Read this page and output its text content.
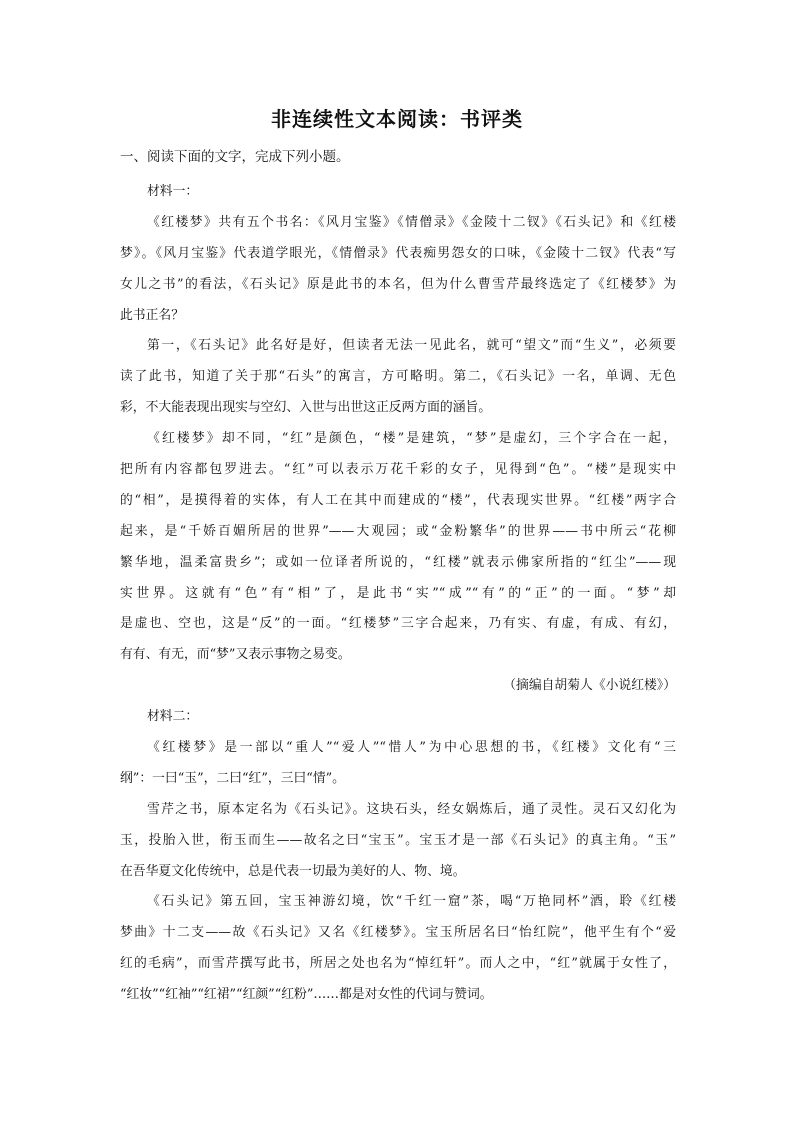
非连续性文本阅读：书评类
一、阅读下面的文字，完成下列小题。
材料一：
《红楼梦》共有五个书名：《风月宝鉴》《情僧录》《金陵十二钗》《石头记》和《红楼
梦》。《风月宝鉴》代表道学眼光，《情僧录》代表痴男怨女的口味，《金陵十二钗》代表“写
女儿之书”的看法，《石头记》原是此书的本名，但为什么曹雪芹最终选定了《红楼梦》为
此书正名？
第一，《石头记》此名好是好，但读者无法一见此名，就可“望文”而“生义”，必须要
读了此书，知道了关于那“石头”的寓言，方可略明。第二，《石头记》一名，单调、无色
彩，不大能表现出现实与空幻、入世与出世这正反两方面的涵旨。
《红楼梦》却不同，“红”是颜色，“楼”是建筑，“梦”是虚幻，三个字合在一起，
把所有内容都包罗进去。“红”可以表示万花千彩的女子，见得到“色”。“楼”是现实中
的“相”，是摸得着的实体，有人工在其中而建成的“楼”，代表现实世界。“红楼”两字合
起来，是“千娇百媚所居的世界”——大观园；或“金粉繁华”的世界——书中所云“花柳
繁华地，温柔富贵乡”；或如一位译者所说的，“红楼”就表示佛家所指的“红尘”——现
实世界。这就有“色”有“相”了，是此书“实”“成”“有”的“正”的一面。“梦”却
是虚也、空也，这是“反”的一面。“红楼梦”三字合起来，乃有实、有虚，有成、有幻，
有有、有无，而“梦”又表示事物之易变。
（摘编自胡菊人《小说红楼》）
材料二：
《红楼梦》是一部以“重人”“爱人”“惜人”为中心思想的书，《红楼》文化有“三
纲”：一曰“玉”，二曰“红”，三曰“情”。
雪芹之书，原本定名为《石头记》。这块石头，经女娲炼后，通了灵性。灵石又幻化为
玉，投胎入世，衔玉而生——故名之曰“宝玉”。宝玉才是一部《石头记》的真主角。“玉”
在吾华夏文化传统中，总是代表一切最为美好的人、物、境。
《石头记》第五回，宝玉神游幻境，饮“千红一窟”茶，喝“万艳同杯”酒，聆《红楼
梦曲》十二支——故《石头记》又名《红楼梦》。宝玉所居名曰“怡红院”，他平生有个“爱
红的毛病”，而雪芹撰写此书，所居之处也名为“悼红轩”。而人之中，“红”就属于女性了，
“红妆”“红袖”“红裙”“红颜”“红粉”……都是对女性的代词与赞词。
